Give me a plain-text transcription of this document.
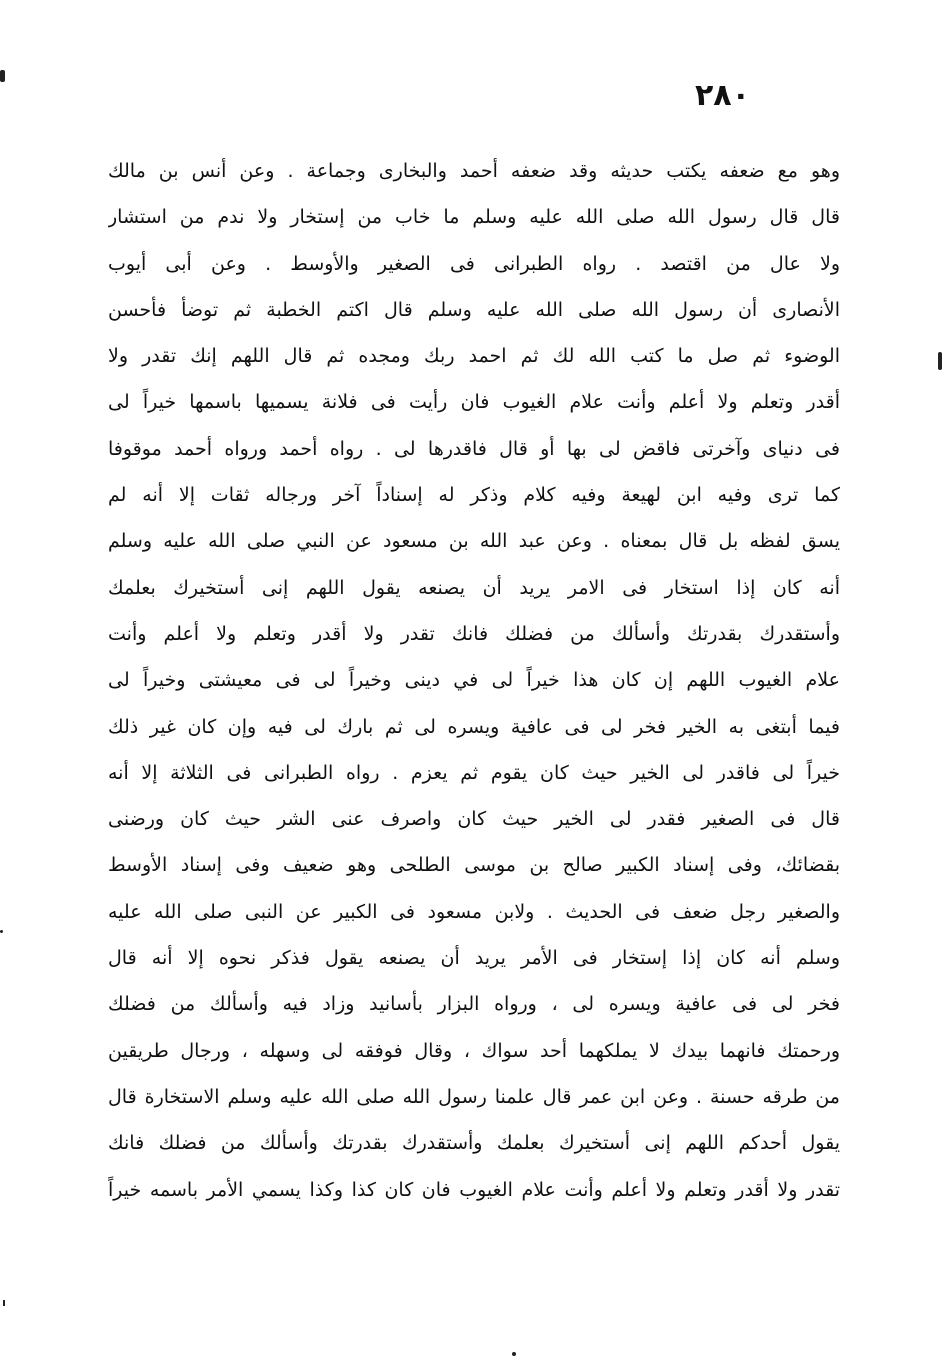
٢٨٠
وهو مع ضعفه يكتب حديثه وقد ضعفه أحمد والبخارى وجماعة . وعن أنس بن مالك
قال قال رسول الله صلى الله عليه وسلم ما خاب من إستخار ولا ندم من استشار
ولا عال من اقتصد . رواه الطبرانى فى الصغير والأوسط . وعن أبى أيوب
الأنصارى أن رسول الله صلى الله عليه وسلم قال اكتم الخطبة ثم توضأ فأحسن
الوضوء ثم صل ما كتب الله لك ثم احمد ربك ومجده ثم قال اللهم إنك تقدر ولا
أقدر وتعلم ولا أعلم وأنت علام الغيوب فان رأيت فى فلانة يسميها باسمها خيراً لى
فى دنياى وآخرتى فاقض لى بها أو قال فاقدرها لى . رواه أحمد ورواه أحمد موقوفا
كما ترى وفيه ابن لهيعة وفيه كلام وذكر له إسناداً آخر ورجاله ثقات إلا أنه لم
يسق لفظه بل قال بمعناه . وعن عبد الله بن مسعود عن النبي صلى الله عليه وسلم
أنه كان إذا استخار فى الامر يريد أن يصنعه يقول اللهم إنى أستخيرك بعلمك
وأستقدرك بقدرتك وأسألك من فضلك فانك تقدر ولا أقدر وتعلم ولا أعلم وأنت
علام الغيوب اللهم إن كان هذا خيراً لى في دينى وخيراً لى فى معيشتى وخيراً لى
فيما أبتغى به الخير فخر لى فى عافية ويسره لى ثم بارك لى فيه وإن كان غير ذلك
خيراً لى فاقدر لى الخير حيث كان يقوم ثم يعزم . رواه الطبرانى فى الثلاثة إلا أنه
قال فى الصغير فقدر لى الخير حيث كان واصرف عنى الشر حيث كان ورضنى
بقضائك، وفى إسناد الكبير صالح بن موسى الطلحى وهو ضعيف وفى إسناد الأوسط
والصغير رجل ضعف فى الحديث . ولابن مسعود فى الكبير عن النبى صلى الله عليه
وسلم أنه كان إذا إستخار فى الأمر يريد أن يصنعه يقول فذكر نحوه إلا أنه قال
فخر لى فى عافية ويسره لى ، ورواه البزار بأسانيد وزاد فيه وأسألك من فضلك
ورحمتك فانهما بيدك لا يملكهما أحد سواك ، وقال فوفقه لى وسهله ، ورجال طريقين
من طرقه حسنة . وعن ابن عمر قال علمنا رسول الله صلى الله عليه وسلم الاستخارة قال
يقول أحدكم اللهم إنى أستخيرك بعلمك وأستقدرك بقدرتك وأسألك من فضلك فانك
تقدر ولا أقدر وتعلم ولا أعلم وأنت علام الغيوب فان كان كذا وكذا يسمي الأمر باسمه خيراً
